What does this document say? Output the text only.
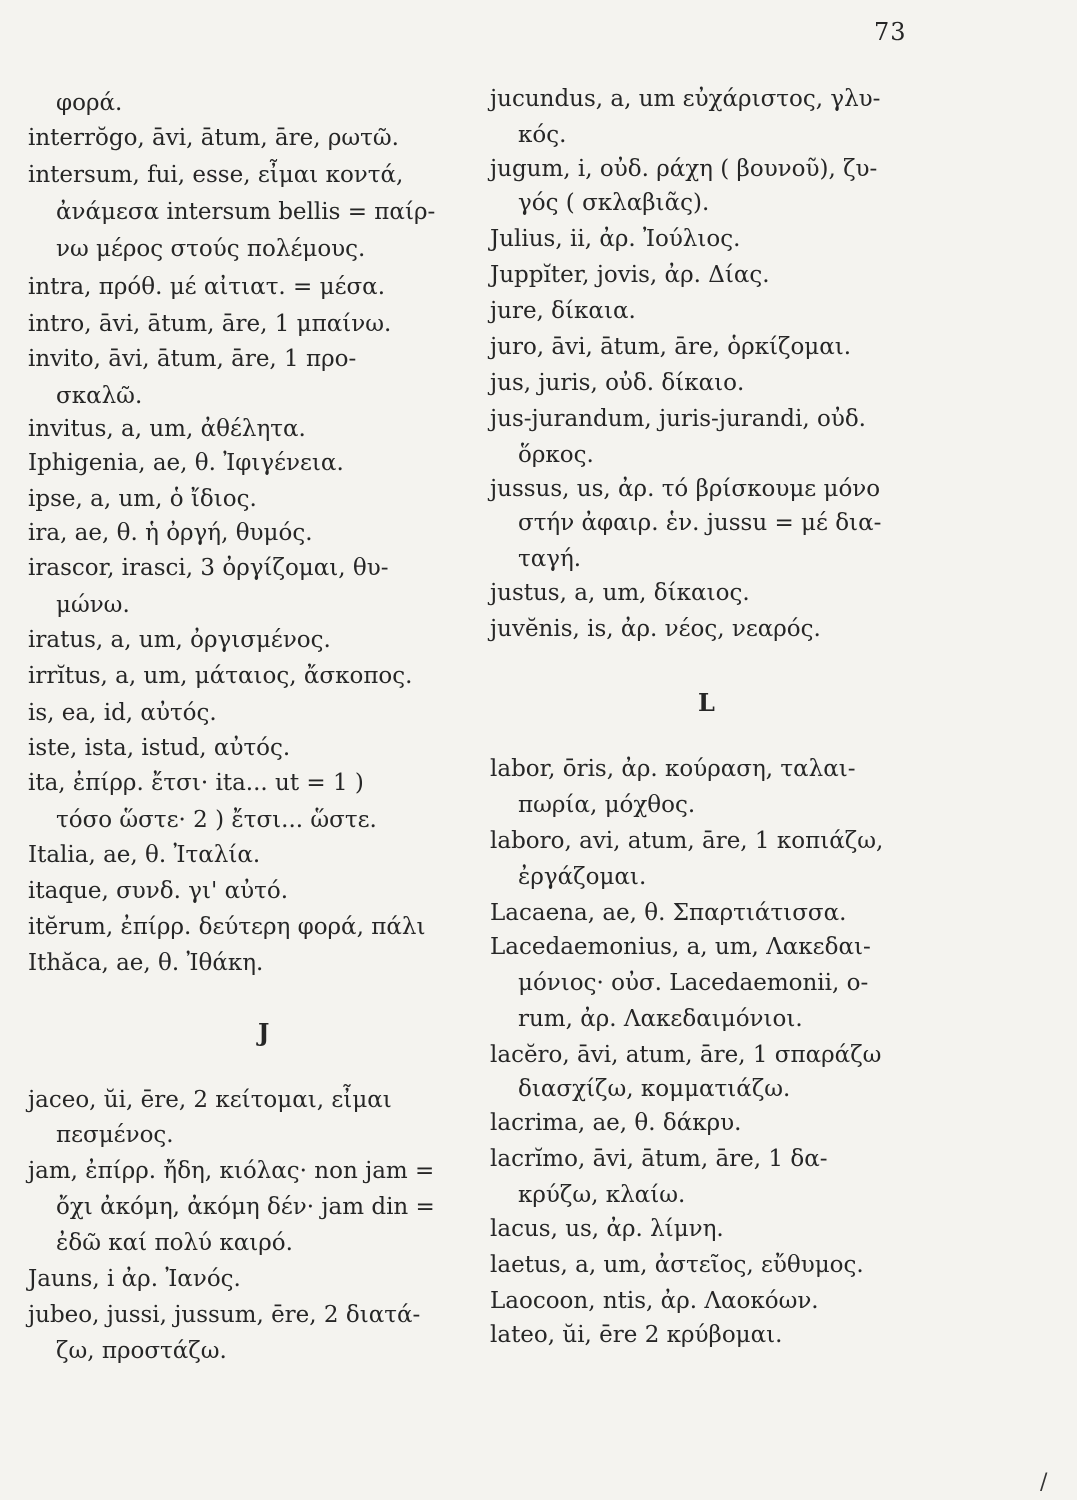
73
φορά.
interrŏgo, āvi, ātum, āre, ρωτῶ.
intersum, fui, esse, εἶμαι κοντά,
ἀνάμεσα intersum bellis = παίρ-
νω μέρος στούς πολέμους.
intra, πρόθ. μέ αἰτιατ. = μέσα.
intro, āvi, ātum, āre, 1 μπαίνω.
invito, āvi, ātum, āre, 1 προ-
σκαλῶ.
invitus, a, um, ἀθέλητα.
Iphigenia, ae, θ. Ἰφιγένεια.
ipse, a, um, ὁ ἴδιος.
ira, ae, θ. ἡ ὀργή, θυμός.
irascor, irasci, 3 ὀργίζομαι, θυ-
μώνω.
iratus, a, um, ὀργισμένος.
irrĭtus, a, um, μάταιος, ἄσκοπος.
is, ea, id, αὐτός.
iste, ista, istud, αὐτός.
ita, ἐπίρρ. ἔτσι· ita... ut = 1 )
τόσο ὥστε· 2 ) ἔτσι... ὥστε.
Italia, ae, θ. Ἰταλία.
itaque, συνδ. γι' αὐτό.
itĕrum, ἐπίρρ. δεύτερη φορά, πάλι
Ithăca, ae, θ. Ἰθάκη.
J
jaceo, ŭi, ēre, 2 κείτομαι, εἶμαι
πεσμένος.
jam, ἐπίρρ. ἤδη, κιόλας· non jam =
ὄχι ἀκόμη, ἀκόμη δέν· jam din =
ἐδῶ καί πολύ καιρό.
Jauns, i ἀρ. Ἰανός.
jubeo, jussi, jussum, ēre, 2 διατά-
ζω, προστάζω.
jucundus, a, um εὐχάριστος, γλυ-
κός.
jugum, i, οὐδ. ράχη ( βουνοῦ), ζυ-
γός ( σκλαβιᾶς).
Julius, ii, ἀρ. Ἰούλιος.
Juppĭter, jovis, ἀρ. Δίας.
jure, δίκαια.
juro, āvi, ātum, āre, ὁρκίζομαι.
jus, juris, οὐδ. δίκαιο.
jus-jurandum, juris-jurandi, οὐδ.
ὅρκος.
jussus, us, ἀρ. τό βρίσκουμε μόνο
στήν ἀφαιρ. ἑν. jussu = μέ δια-
ταγή.
justus, a, um, δίκαιος.
juvĕnis, is, ἀρ. νέος, νεαρός.
L
labor, ōris, ἀρ. κούραση, ταλαι-
πωρία, μόχθος.
laboro, avi, atum, āre, 1 κοπιάζω,
ἐργάζομαι.
Lacaena, ae, θ. Σπαρτιάτισσα.
Lacedaemonius, a, um, Λακεδαι-
μόνιος· οὐσ. Lacedaemonii, o-
rum, ἀρ. Λακεδαιμόνιοι.
lacĕro, āvi, atum, āre, 1 σπαράζω
διασχίζω, κομματιάζω.
lacrima, ae, θ. δάκρυ.
lacrĭmo, āvi, ātum, āre, 1 δα-
κρύζω, κλαίω.
lacus, us, ἀρ. λίμνη.
laetus, a, um, ἀστεῖος, εὔθυμος.
Laocoon, ntis, ἀρ. Λαοκόων.
lateo, ŭi, ēre 2 κρύβομαι.
/
